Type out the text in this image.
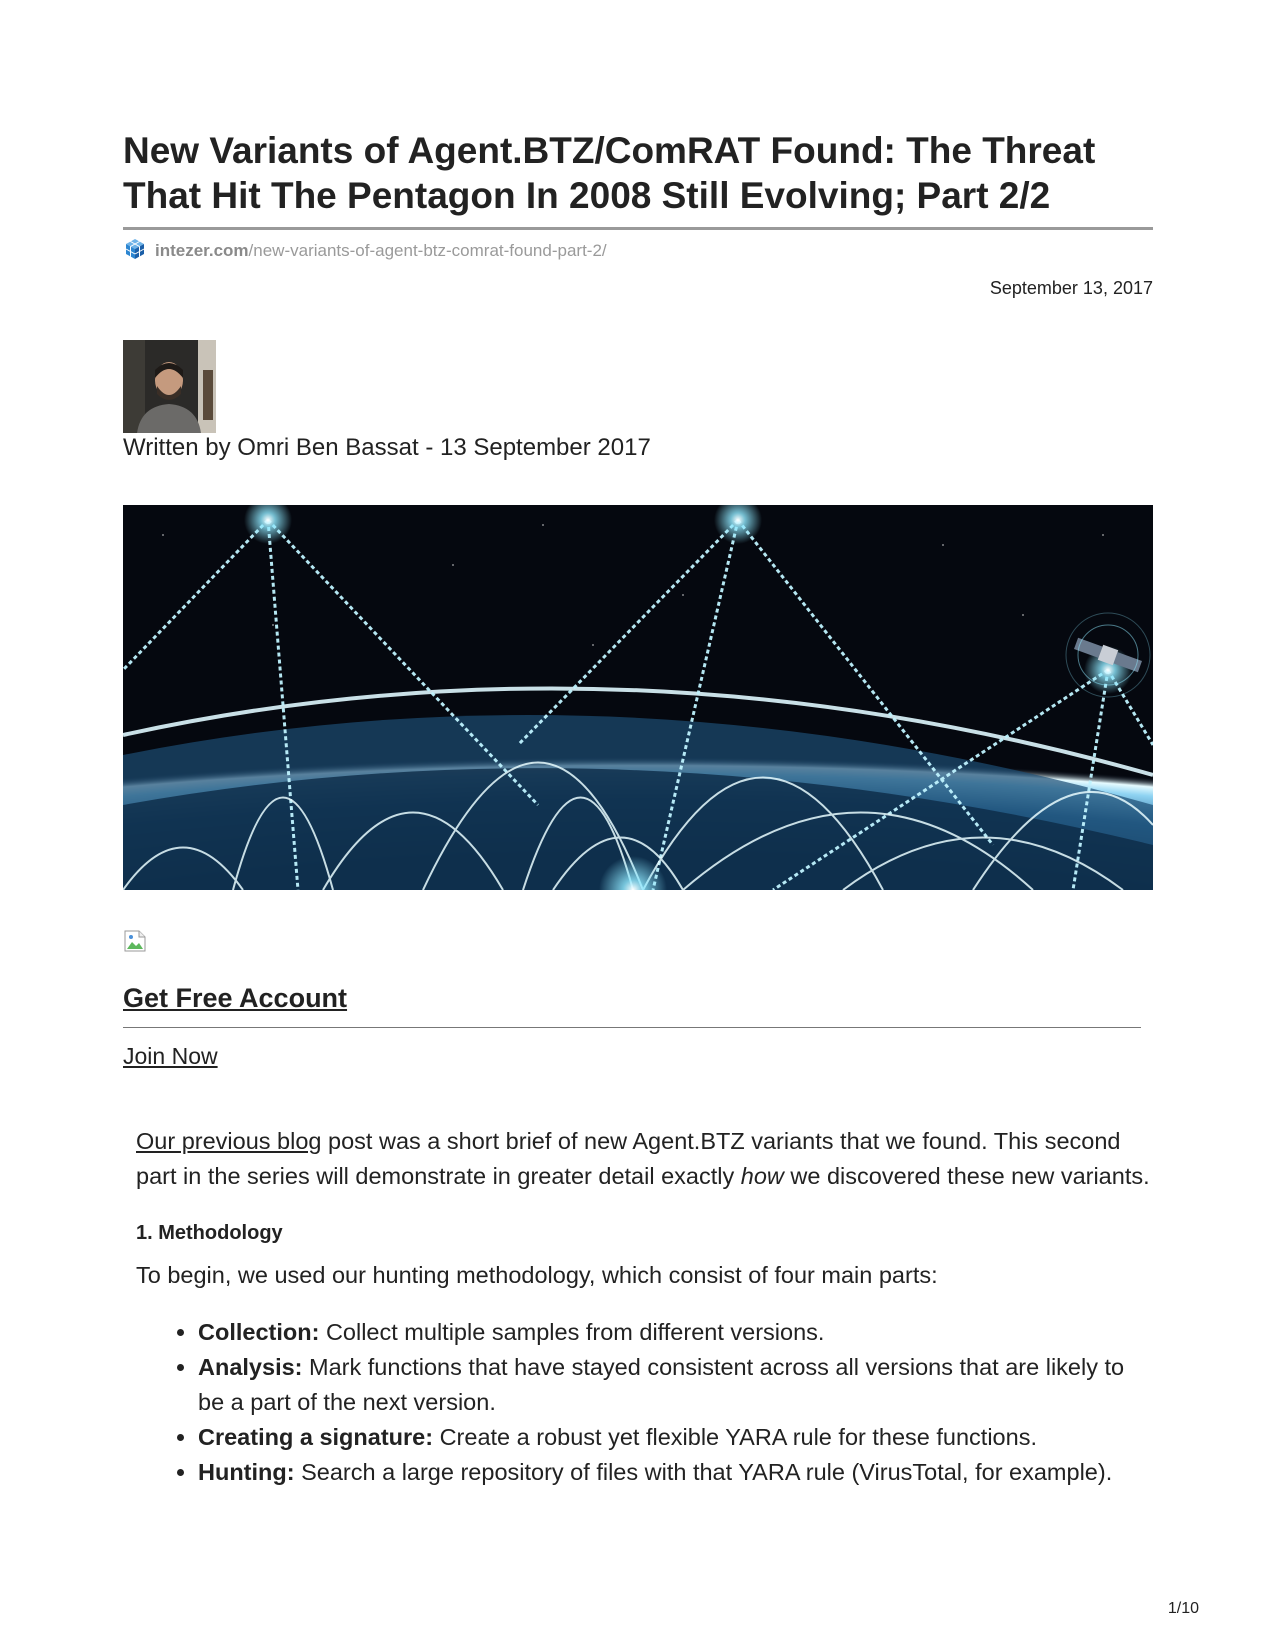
New Variants of Agent.BTZ/ComRAT Found: The Threat
That Hit The Pentagon In 2008 Still Evolving; Part 2/2
intezer.com /new-variants-of-agent-btz-comrat-found-part-2/
September 13, 2017
Written by Omri Ben Bassat - 13 September 2017
Get Free Account
Join Now

Our previous blog post was a short brief of new Agent.BTZ variants that we found. This second part in the series will demonstrate in greater detail exactly how we discovered these new variants.

1. Methodology

To begin, we used our hunting methodology, which consist of four main parts:

• Collection: Collect multiple samples from different versions.
• Analysis: Mark functions that have stayed consistent across all versions that are likely to be a part of the next version.
• Creating a signature: Create a robust yet flexible YARA rule for these functions.
• Hunting: Search a large repository of files with that YARA rule (VirusTotal, for example).
1/10
